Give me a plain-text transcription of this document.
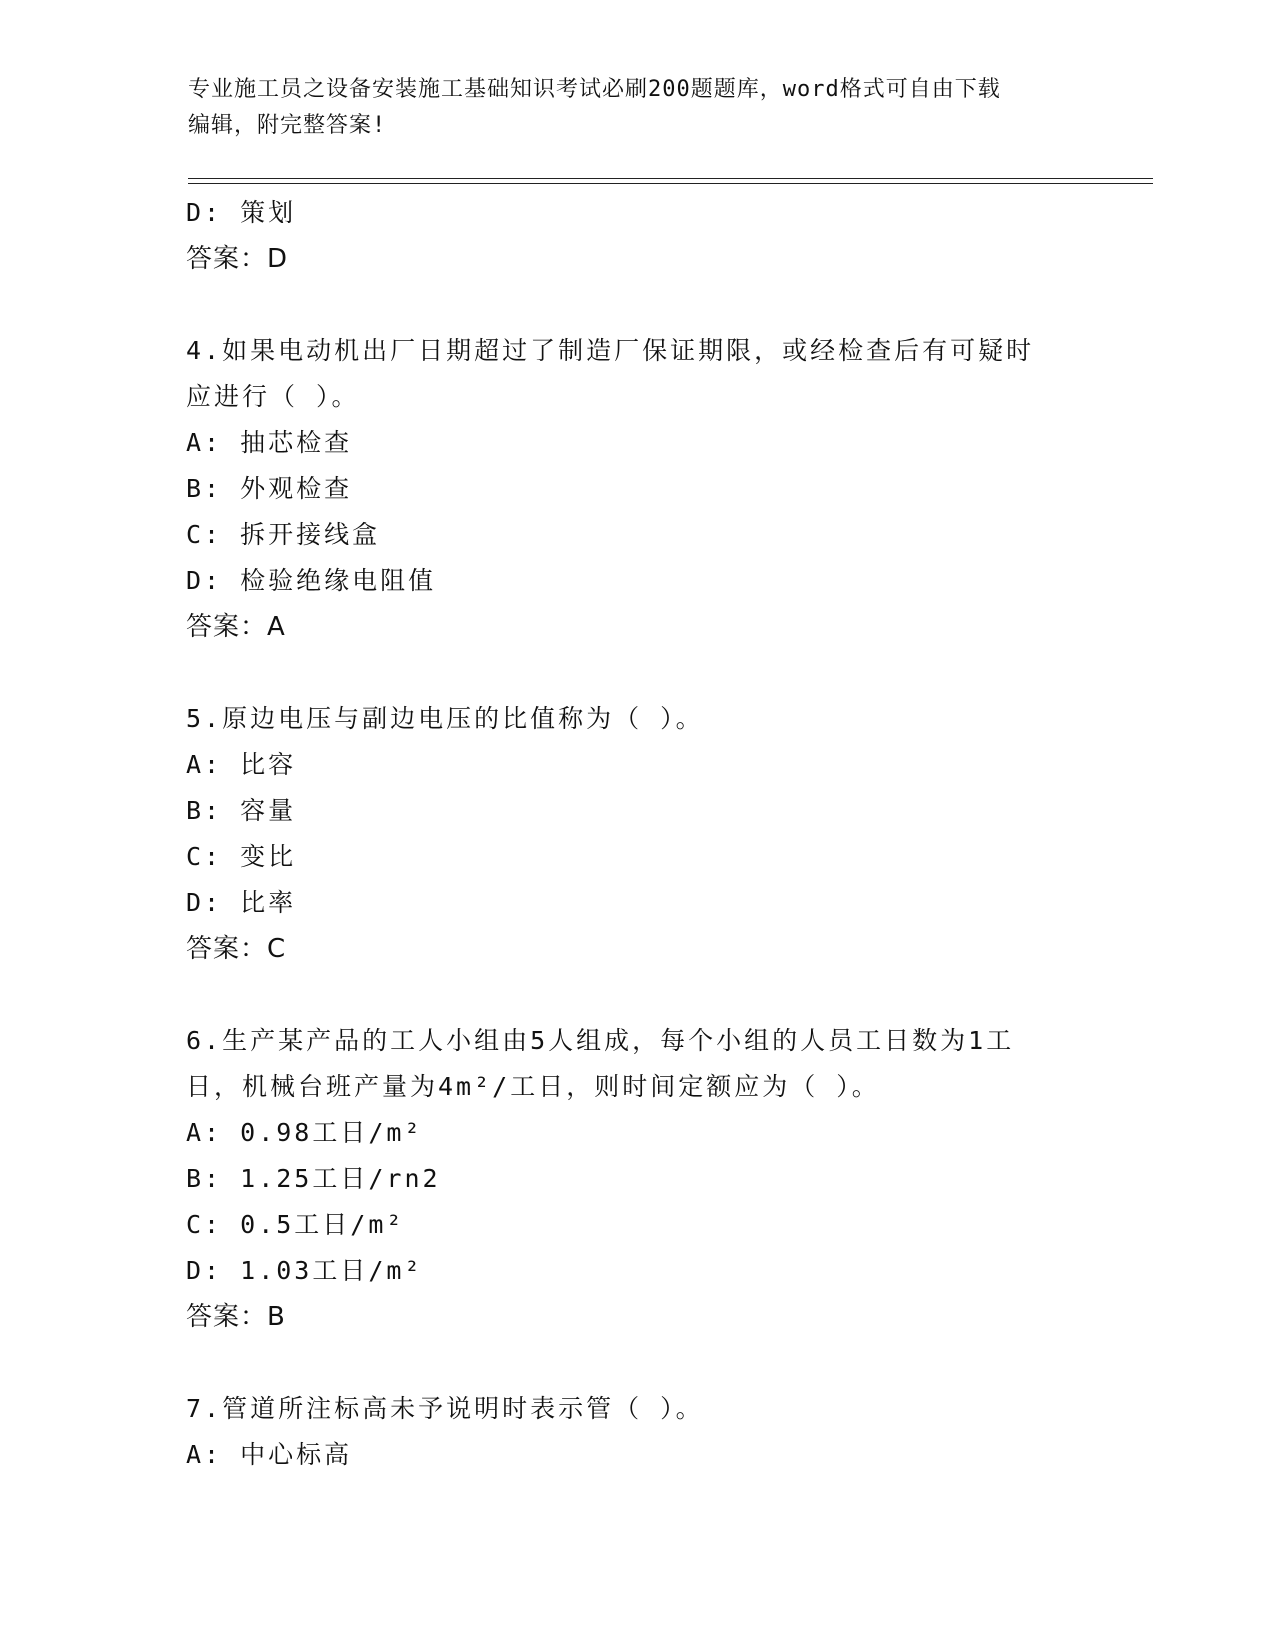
专业施工员之设备安装施工基础知识考试必刷200题题库，word格式可自由下载
编辑，附完整答案!
D: 策划
答案：D
4.如果电动机出厂日期超过了制造厂保证期限，或经检查后有可疑时
应进行（ ）。
A: 抽芯检查
B: 外观检查
C: 拆开接线盒
D: 检验绝缘电阻值
答案：A
5.原边电压与副边电压的比值称为（ ）。
A: 比容
B: 容量
C: 变比
D: 比率
答案：C
6.生产某产品的工人小组由5人组成，每个小组的人员工日数为1工
日，机械台班产量为4m²/工日，则时间定额应为（ ）。
A: 0.98工日/m²
B: 1.25工日/rn2
C: 0.5工日/m²
D: 1.03工日/m²
答案：B
7.管道所注标高未予说明时表示管（ ）。
A: 中心标高
